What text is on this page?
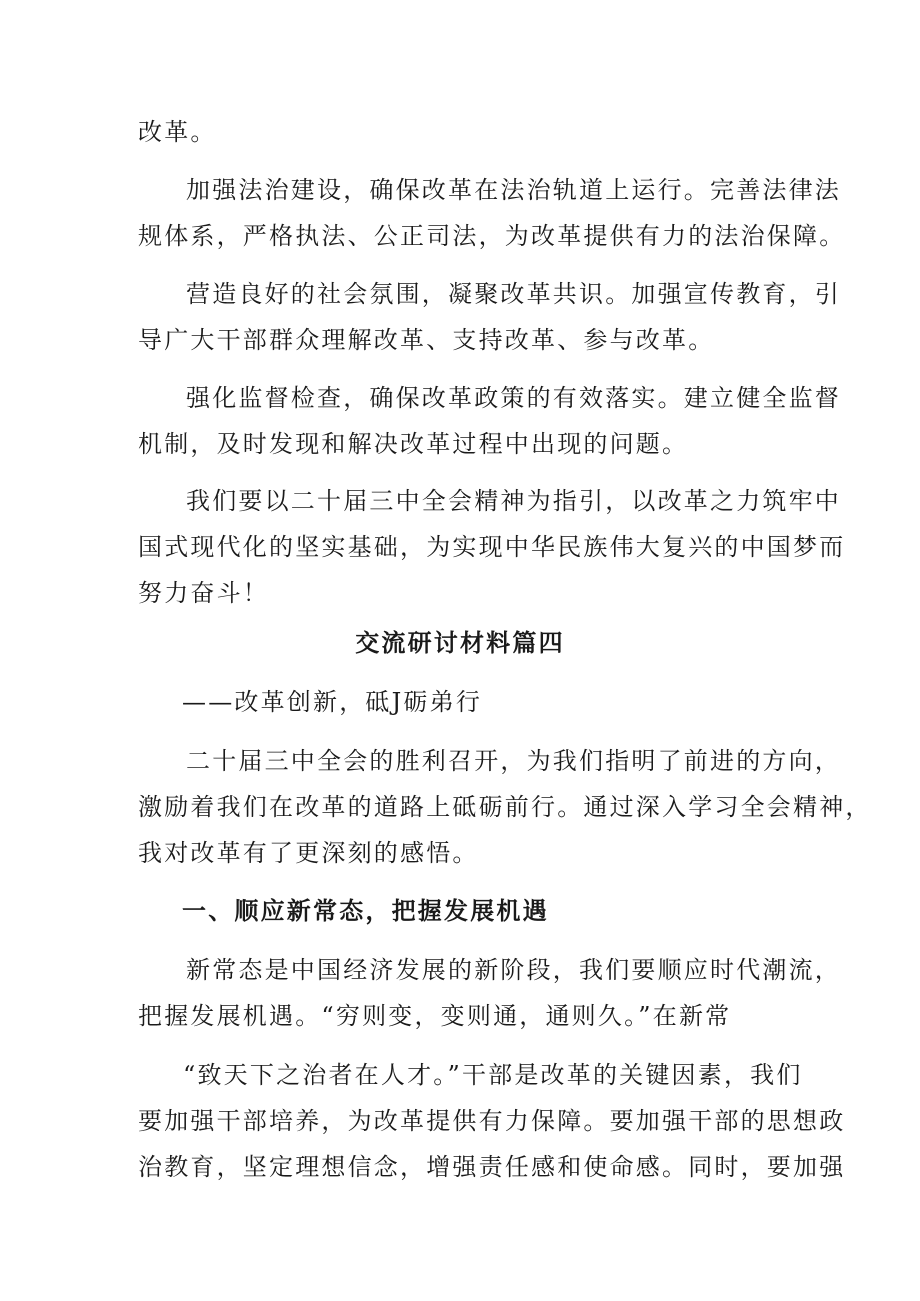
改革。
加强法治建设，确保改革在法治轨道上运行。完善法律法
规体系，严格执法、公正司法，为改革提供有力的法治保障。
营造良好的社会氛围，凝聚改革共识。加强宣传教育，引
导广大干部群众理解改革、支持改革、参与改革。
强化监督检查，确保改革政策的有效落实。建立健全监督
机制，及时发现和解决改革过程中出现的问题。
我们要以二十届三中全会精神为指引，以改革之力筑牢中
国式现代化的坚实基础，为实现中华民族伟大复兴的中国梦而
努力奋斗！
交流研讨材料篇四
——改革创新，砥J砺弟行
二十届三中全会的胜利召开，为我们指明了前进的方向，
激励着我们在改革的道路上砥砺前行。通过深入学习全会精神，
我对改革有了更深刻的感悟。
一、顺应新常态，把握发展机遇
新常态是中国经济发展的新阶段，我们要顺应时代潮流，
把握发展机遇。“穷则变，变则通，通则久。”在新常
“致天下之治者在人才。”干部是改革的关键因素，我们
要加强干部培养，为改革提供有力保障。要加强干部的思想政
治教育，坚定理想信念，增强责任感和使命感。同时，要加强
